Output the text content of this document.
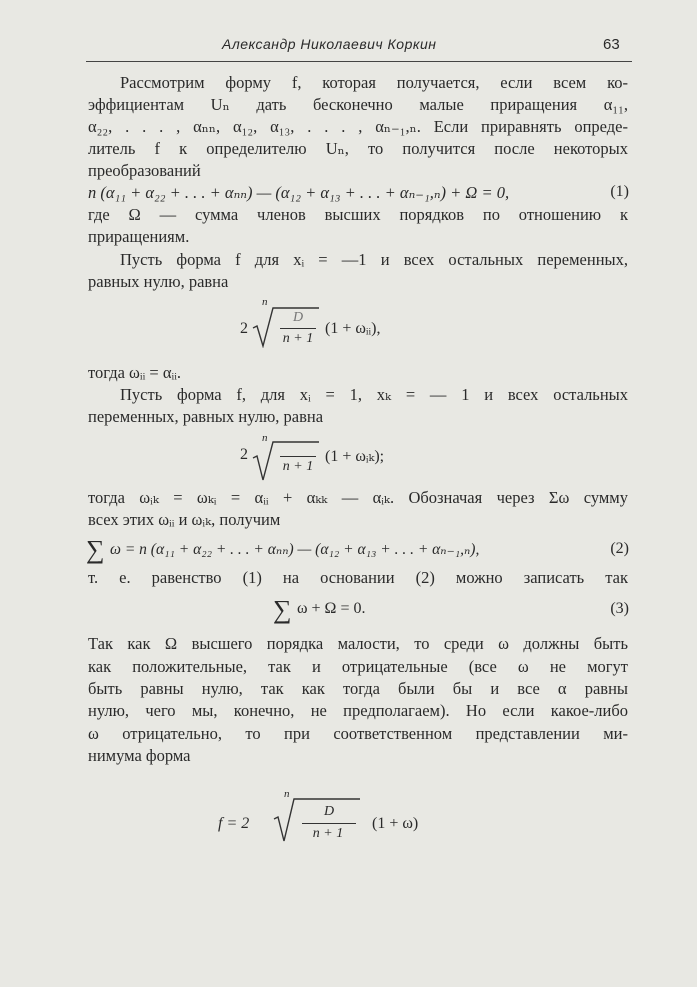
Александр Николаевич Коркин	63
Рассмотрим форму f, которая получается, если всем ко-
эффициентам Uₙ дать бесконечно малые приращения α₁₁,
α₂₂, . . . , αₙₙ, α₁₂, α₁₃, . . . , αₙ₋₁,ₙ. Если приравнять опреде-
литель f к определителю Uₙ, то получится после некоторых
преобразований
n (α₁₁ + α₂₂ + . . . + αₙₙ) — (α₁₂ + α₁₃ + . . . + αₙ₋₁,ₙ) + Ω = 0,	(1)
где Ω — сумма членов высших порядков по отношению к
приращениям.
Пусть форма f для xᵢ = —1 и всех остальных переменных,
равных нулю, равна
2
n
D
n + 1
(1 + ωᵢᵢ),
тогда ωᵢᵢ = αᵢᵢ.
Пусть форма f, для xᵢ = 1, xₖ = — 1 и всех остальных
переменных, равных нулю, равна
2
n
n + 1
(1 + ωᵢₖ);
тогда ωᵢₖ = ωₖᵢ = αᵢᵢ + αₖₖ — αᵢₖ. Обозначая через Σω сумму
всех этих ωᵢᵢ и ωᵢₖ, получим
∑ ω = n (α₁₁ + α₂₂ + . . . + αₙₙ) — (α₁₂ + α₁₃ + . . . + αₙ₋₁,ₙ),	(2)
т. е. равенство (1) на основании (2) можно записать так
∑ ω + Ω = 0.	(3)
Так как Ω высшего порядка малости, то среди ω должны быть
как положительные, так и отрицательные (все ω не могут
быть равны нулю, так как тогда были бы и все α равны
нулю, чего мы, конечно, не предполагаем). Но если какое-либо
ω отрицательно, то при соответственном представлении ми-
нимума форма
f = 2
n
D
n + 1
(1 + ω)
